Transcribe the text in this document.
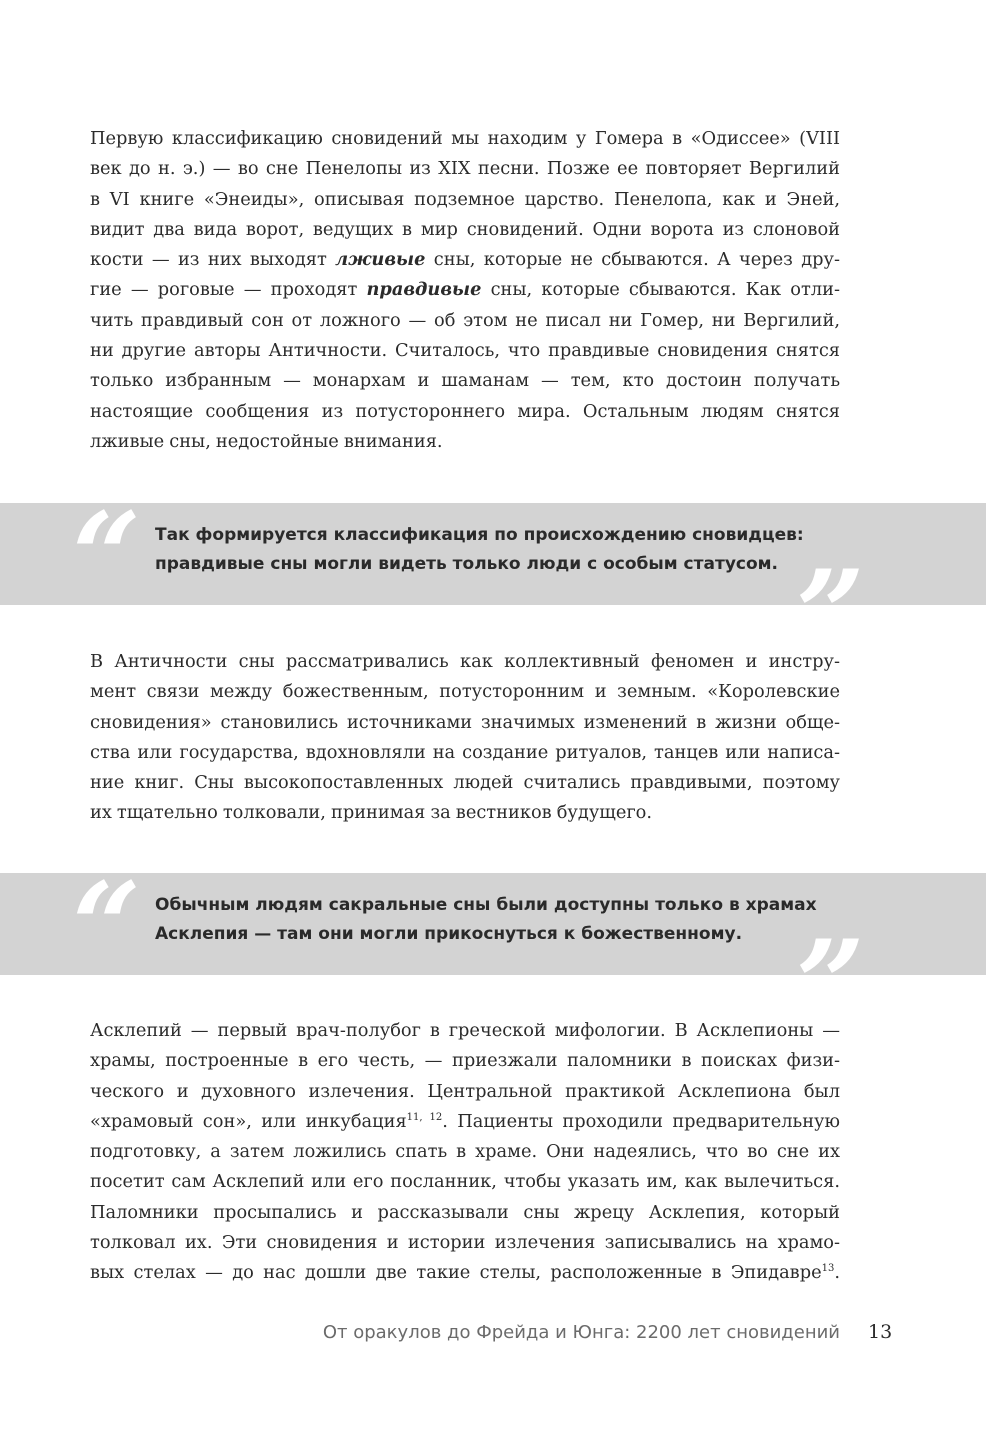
Первую классификацию сновидений мы находим у Гомера в «Одиссее» (VIII
век до н. э.) — во сне Пенелопы из XIX песни. Позже ее повторяет Вергилий
в VI книге «Энеиды», описывая подземное царство. Пенелопа, как и Эней,
видит два вида ворот, ведущих в мир сновидений. Одни ворота из слоновой
кости — из них выходят лживые сны, которые не сбываются. А через дру-
гие — роговые — проходят правдивые сны, которые сбываются. Как отли-
чить правдивый сон от ложного — об этом не писал ни Гомер, ни Вергилий,
ни другие авторы Античности. Считалось, что правдивые сновидения снятся
только избранным — монархам и шаманам — тем, кто достоин получать
настоящие сообщения из потустороннего мира. Остальным людям снятся
лживые сны, недостойные внимания.
“ Так формируется классификация по происхождению сновидцев:
правдивые сны могли видеть только люди с особым статусом. ”
В Античности сны рассматривались как коллективный феномен и инстру-
мент связи между божественным, потусторонним и земным. «Королевские
сновидения» становились источниками значимых изменений в жизни обще-
ства или государства, вдохновляли на создание ритуалов, танцев или написа-
ние книг. Сны высокопоставленных людей считались правдивыми, поэтому
их тщательно толковали, принимая за вестников будущего.
“ Обычным людям сакральные сны были доступны только в храмах
Асклепия — там они могли прикоснуться к божественному. ”
Асклепий — первый врач-полубог в греческой мифологии. В Асклепионы —
храмы, построенные в его честь, — приезжали паломники в поисках физи-
ческого и духовного излечения. Центральной практикой Асклепиона был
«храмовый сон», или инкубация$^{11, 12}$. Пациенты проходили предварительную
подготовку, а затем ложились спать в храме. Они надеялись, что во сне их
посетит сам Асклепий или его посланник, чтобы указать им, как вылечиться.
Паломники просыпались и рассказывали сны жрецу Асклепия, который
толковал их. Эти сновидения и истории излечения записывались на храмо-
вых стелах — до нас дошли две такие стелы, расположенные в Эпидавре$^{13}$.
От оракулов до Фрейда и Юнга: 2200 лет сновидений 13
